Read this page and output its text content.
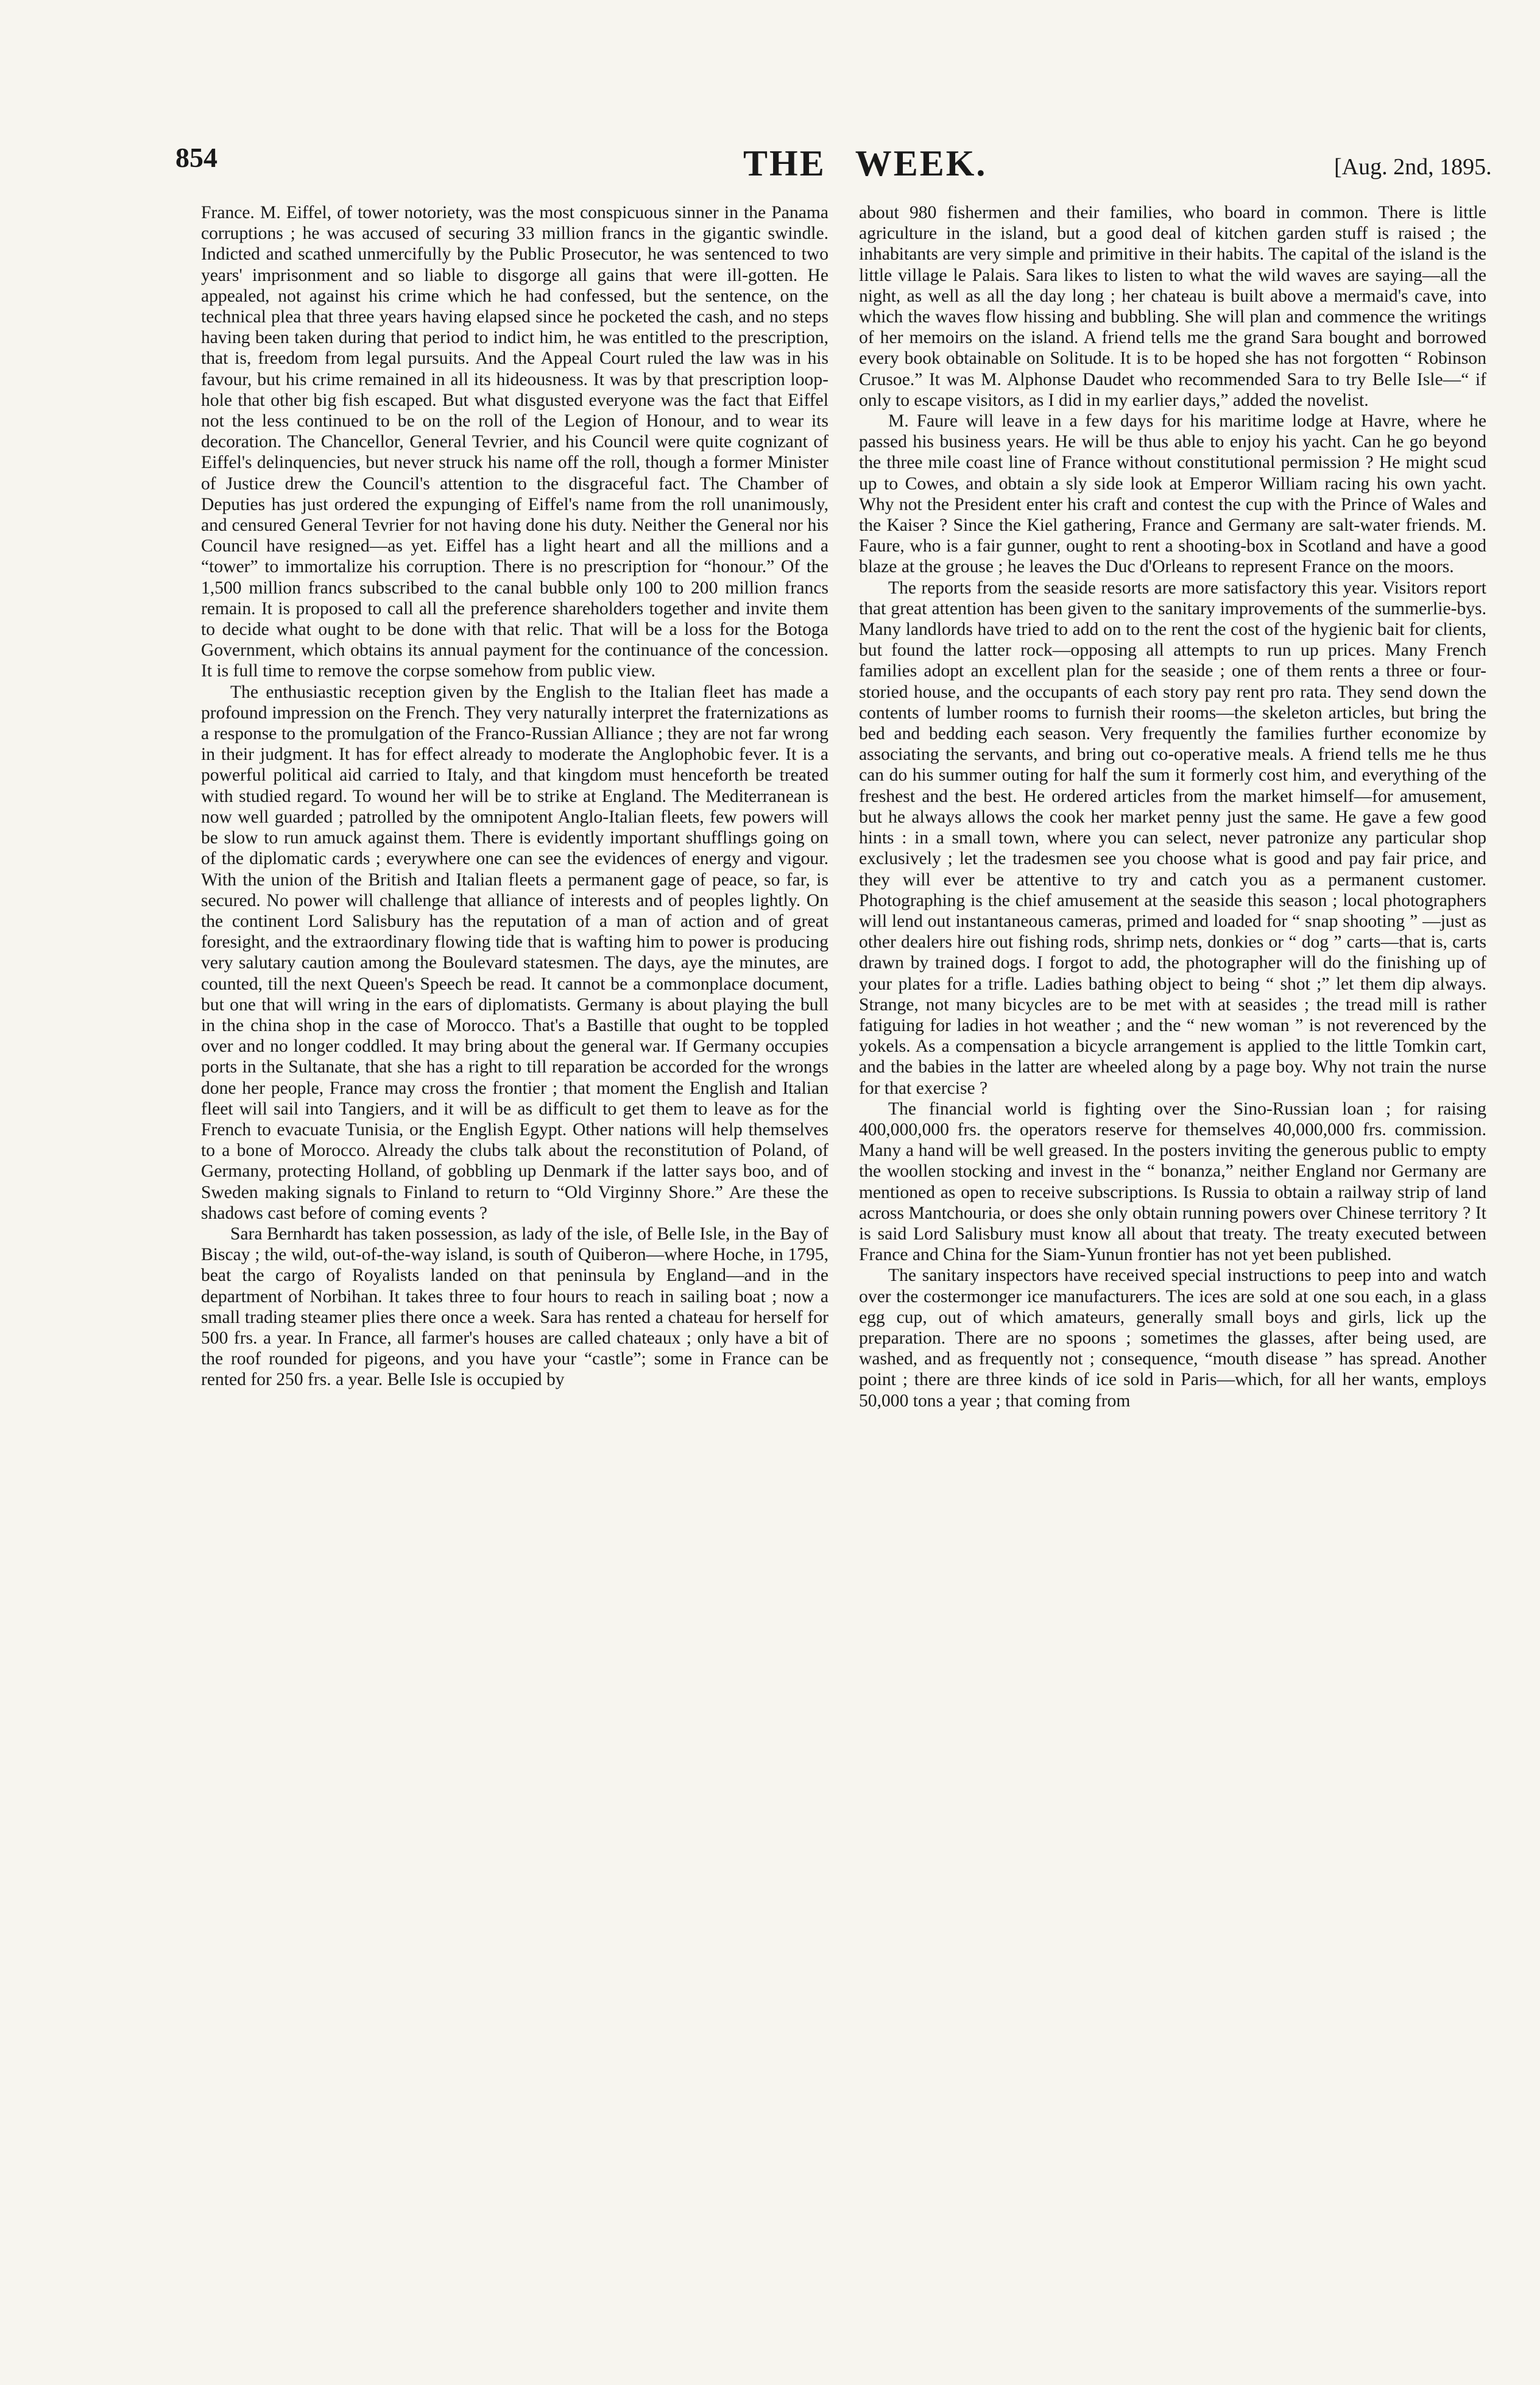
854	THE WEEK.	[Aug. 2nd, 1895.

France. M. Eiffel, of tower notoriety, was the most conspicuous sinner in the Panama corruptions ; he was accused of securing 33 million francs in the gigantic swindle. Indicted and scathed unmercifully by the Public Prosecutor, he was sentenced to two years' imprisonment and so liable to disgorge all gains that were ill-gotten. He appealed, not against his crime which he had confessed, but the sentence, on the technical plea that three years having elapsed since he pocketed the cash, and no steps having been taken during that period to indict him, he was entitled to the prescription, that is, freedom from legal pursuits. And the Appeal Court ruled the law was in his favour, but his crime remained in all its hideousness. It was by that prescription loop-hole that other big fish escaped. But what disgusted everyone was the fact that Eiffel not the less continued to be on the roll of the Legion of Honour, and to wear its decoration. The Chancellor, General Tevrier, and his Council were quite cognizant of Eiffel's delinquencies, but never struck his name off the roll, though a former Minister of Justice drew the Council's attention to the disgraceful fact. The Chamber of Deputies has just ordered the expunging of Eiffel's name from the roll unanimously, and censured General Tevrier for not having done his duty. Neither the General nor his Council have resigned—as yet. Eiffel has a light heart and all the millions and a “tower” to immortalize his corruption. There is no prescription for “honour.” Of the 1,500 million francs subscribed to the canal bubble only 100 to 200 million francs remain. It is proposed to call all the preference shareholders together and invite them to decide what ought to be done with that relic. That will be a loss for the Botoga Government, which obtains its annual payment for the continuance of the concession. It is full time to remove the corpse somehow from public view.

The enthusiastic reception given by the English to the Italian fleet has made a profound impression on the French. They very naturally interpret the fraternizations as a response to the promulgation of the Franco-Russian Alliance ; they are not far wrong in their judgment. It has for effect already to moderate the Anglophobic fever. It is a powerful political aid carried to Italy, and that kingdom must henceforth be treated with studied regard. To wound her will be to strike at England. The Mediterranean is now well guarded ; patrolled by the omnipotent Anglo-Italian fleets, few powers will be slow to run amuck against them. There is evidently important shufflings going on of the diplomatic cards ; everywhere one can see the evidences of energy and vigour. With the union of the British and Italian fleets a permanent gage of peace, so far, is secured. No power will challenge that alliance of interests and of peoples lightly. On the continent Lord Salisbury has the reputation of a man of action and of great foresight, and the extraordinary flowing tide that is wafting him to power is producing very salutary caution among the Boulevard statesmen. The days, aye the minutes, are counted, till the next Queen's Speech be read. It cannot be a commonplace document, but one that will wring in the ears of diplomatists. Germany is about playing the bull in the china shop in the case of Morocco. That's a Bastille that ought to be toppled over and no longer coddled. It may bring about the general war. If Germany occupies ports in the Sultanate, that she has a right to till reparation be accorded for the wrongs done her people, France may cross the frontier ; that moment the English and Italian fleet will sail into Tangiers, and it will be as difficult to get them to leave as for the French to evacuate Tunisia, or the English Egypt. Other nations will help themselves to a bone of Morocco. Already the clubs talk about the reconstitution of Poland, of Germany, protecting Holland, of gobbling up Denmark if the latter says boo, and of Sweden making signals to Finland to return to “Old Virginny Shore.” Are these the shadows cast before of coming events ?

Sara Bernhardt has taken possession, as lady of the isle, of Belle Isle, in the Bay of Biscay ; the wild, out-of-the-way island, is south of Quiberon—where Hoche, in 1795, beat the cargo of Royalists landed on that peninsula by England—and in the department of Norbihan. It takes three to four hours to reach in sailing boat ; now a small trading steamer plies there once a week. Sara has rented a chateau for herself for 500 frs. a year. In France, all farmer's houses are called chateaux ; only have a bit of the roof rounded for pigeons, and you have your “castle”; some in France can be rented for 250 frs. a year. Belle Isle is occupied by

about 980 fishermen and their families, who board in common. There is little agriculture in the island, but a good deal of kitchen garden stuff is raised ; the inhabitants are very simple and primitive in their habits. The capital of the island is the little village le Palais. Sara likes to listen to what the wild waves are saying—all the night, as well as all the day long ; her chateau is built above a mermaid's cave, into which the waves flow hissing and bubbling. She will plan and commence the writings of her memoirs on the island. A friend tells me the grand Sara bought and borrowed every book obtainable on Solitude. It is to be hoped she has not forgotten “ Robinson Crusoe.” It was M. Alphonse Daudet who recommended Sara to try Belle Isle—“ if only to escape visitors, as I did in my earlier days,” added the novelist.

M. Faure will leave in a few days for his maritime lodge at Havre, where he passed his business years. He will be thus able to enjoy his yacht. Can he go beyond the three mile coast line of France without constitutional permission ? He might scud up to Cowes, and obtain a sly side look at Emperor William racing his own yacht. Why not the President enter his craft and contest the cup with the Prince of Wales and the Kaiser ? Since the Kiel gathering, France and Germany are salt-water friends. M. Faure, who is a fair gunner, ought to rent a shooting-box in Scotland and have a good blaze at the grouse ; he leaves the Duc d'Orleans to represent France on the moors.

The reports from the seaside resorts are more satisfactory this year. Visitors report that great attention has been given to the sanitary improvements of the summerlie-bys. Many landlords have tried to add on to the rent the cost of the hygienic bait for clients, but found the latter rock—opposing all attempts to run up prices. Many French families adopt an excellent plan for the seaside ; one of them rents a three or four-storied house, and the occupants of each story pay rent pro rata. They send down the contents of lumber rooms to furnish their rooms—the skeleton articles, but bring the bed and bedding each season. Very frequently the families further economize by associating the servants, and bring out co-operative meals. A friend tells me he thus can do his summer outing for half the sum it formerly cost him, and everything of the freshest and the best. He ordered articles from the market himself—for amusement, but he always allows the cook her market penny just the same. He gave a few good hints : in a small town, where you can select, never patronize any particular shop exclusively ; let the tradesmen see you choose what is good and pay fair price, and they will ever be attentive to try and catch you as a permanent customer. Photographing is the chief amusement at the seaside this season ; local photographers will lend out instantaneous cameras, primed and loaded for “ snap shooting ” —just as other dealers hire out fishing rods, shrimp nets, donkies or “ dog ” carts—that is, carts drawn by trained dogs. I forgot to add, the photographer will do the finishing up of your plates for a trifle. Ladies bathing object to being “ shot ;” let them dip always. Strange, not many bicycles are to be met with at seasides ; the tread mill is rather fatiguing for ladies in hot weather ; and the “ new woman ” is not reverenced by the yokels. As a compensation a bicycle arrangement is applied to the little Tomkin cart, and the babies in the latter are wheeled along by a page boy. Why not train the nurse for that exercise ?

The financial world is fighting over the Sino-Russian loan ; for raising 400,000,000 frs. the operators reserve for themselves 40,000,000 frs. commission. Many a hand will be well greased. In the posters inviting the generous public to empty the woollen stocking and invest in the “ bonanza,” neither England nor Germany are mentioned as open to receive subscriptions. Is Russia to obtain a railway strip of land across Mantchouria, or does she only obtain running powers over Chinese territory ? It is said Lord Salisbury must know all about that treaty. The treaty executed between France and China for the Siam-Yunun frontier has not yet been published.

The sanitary inspectors have received special instructions to peep into and watch over the costermonger ice manufacturers. The ices are sold at one sou each, in a glass egg cup, out of which amateurs, generally small boys and girls, lick up the preparation. There are no spoons ; sometimes the glasses, after being used, are washed, and as frequently not ; consequence, “mouth disease ” has spread. Another point ; there are three kinds of ice sold in Paris—which, for all her wants, employs 50,000 tons a year ; that coming from
